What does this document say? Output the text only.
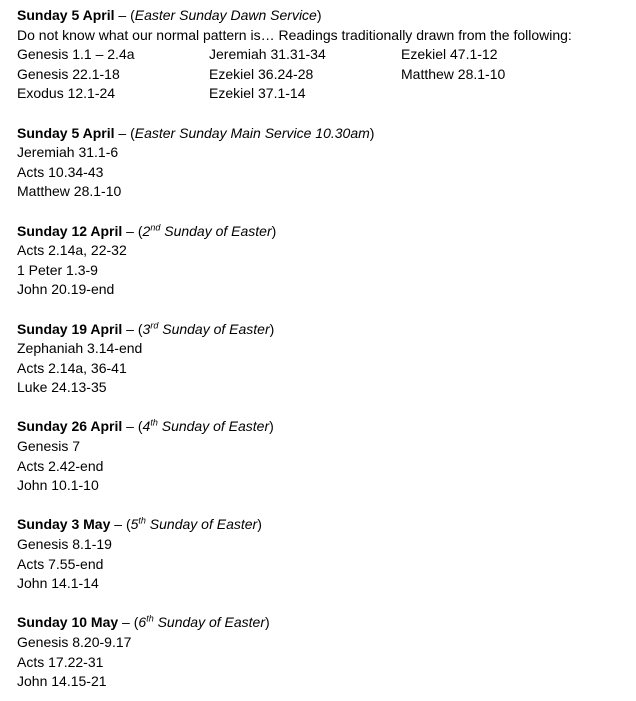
Sunday 5 April – (Easter Sunday Dawn Service)
Do not know what our normal pattern is… Readings traditionally drawn from the following:
Genesis 1.1 – 2.4a	Jeremiah 31.31-34	Ezekiel 47.1-12
Genesis 22.1-18	Ezekiel 36.24-28	Matthew 28.1-10
Exodus 12.1-24	Ezekiel 37.1-14
Sunday 5 April – (Easter Sunday Main Service 10.30am)
Jeremiah 31.1-6
Acts 10.34-43
Matthew 28.1-10
Sunday 12 April – (2nd Sunday of Easter)
Acts 2.14a, 22-32
1 Peter 1.3-9
John 20.19-end
Sunday 19 April – (3rd Sunday of Easter)
Zephaniah 3.14-end
Acts 2.14a, 36-41
Luke 24.13-35
Sunday 26 April – (4th Sunday of Easter)
Genesis 7
Acts 2.42-end
John 10.1-10
Sunday 3 May – (5th Sunday of Easter)
Genesis 8.1-19
Acts 7.55-end
John 14.1-14
Sunday 10 May – (6th Sunday of Easter)
Genesis 8.20-9.17
Acts 17.22-31
John 14.15-21
